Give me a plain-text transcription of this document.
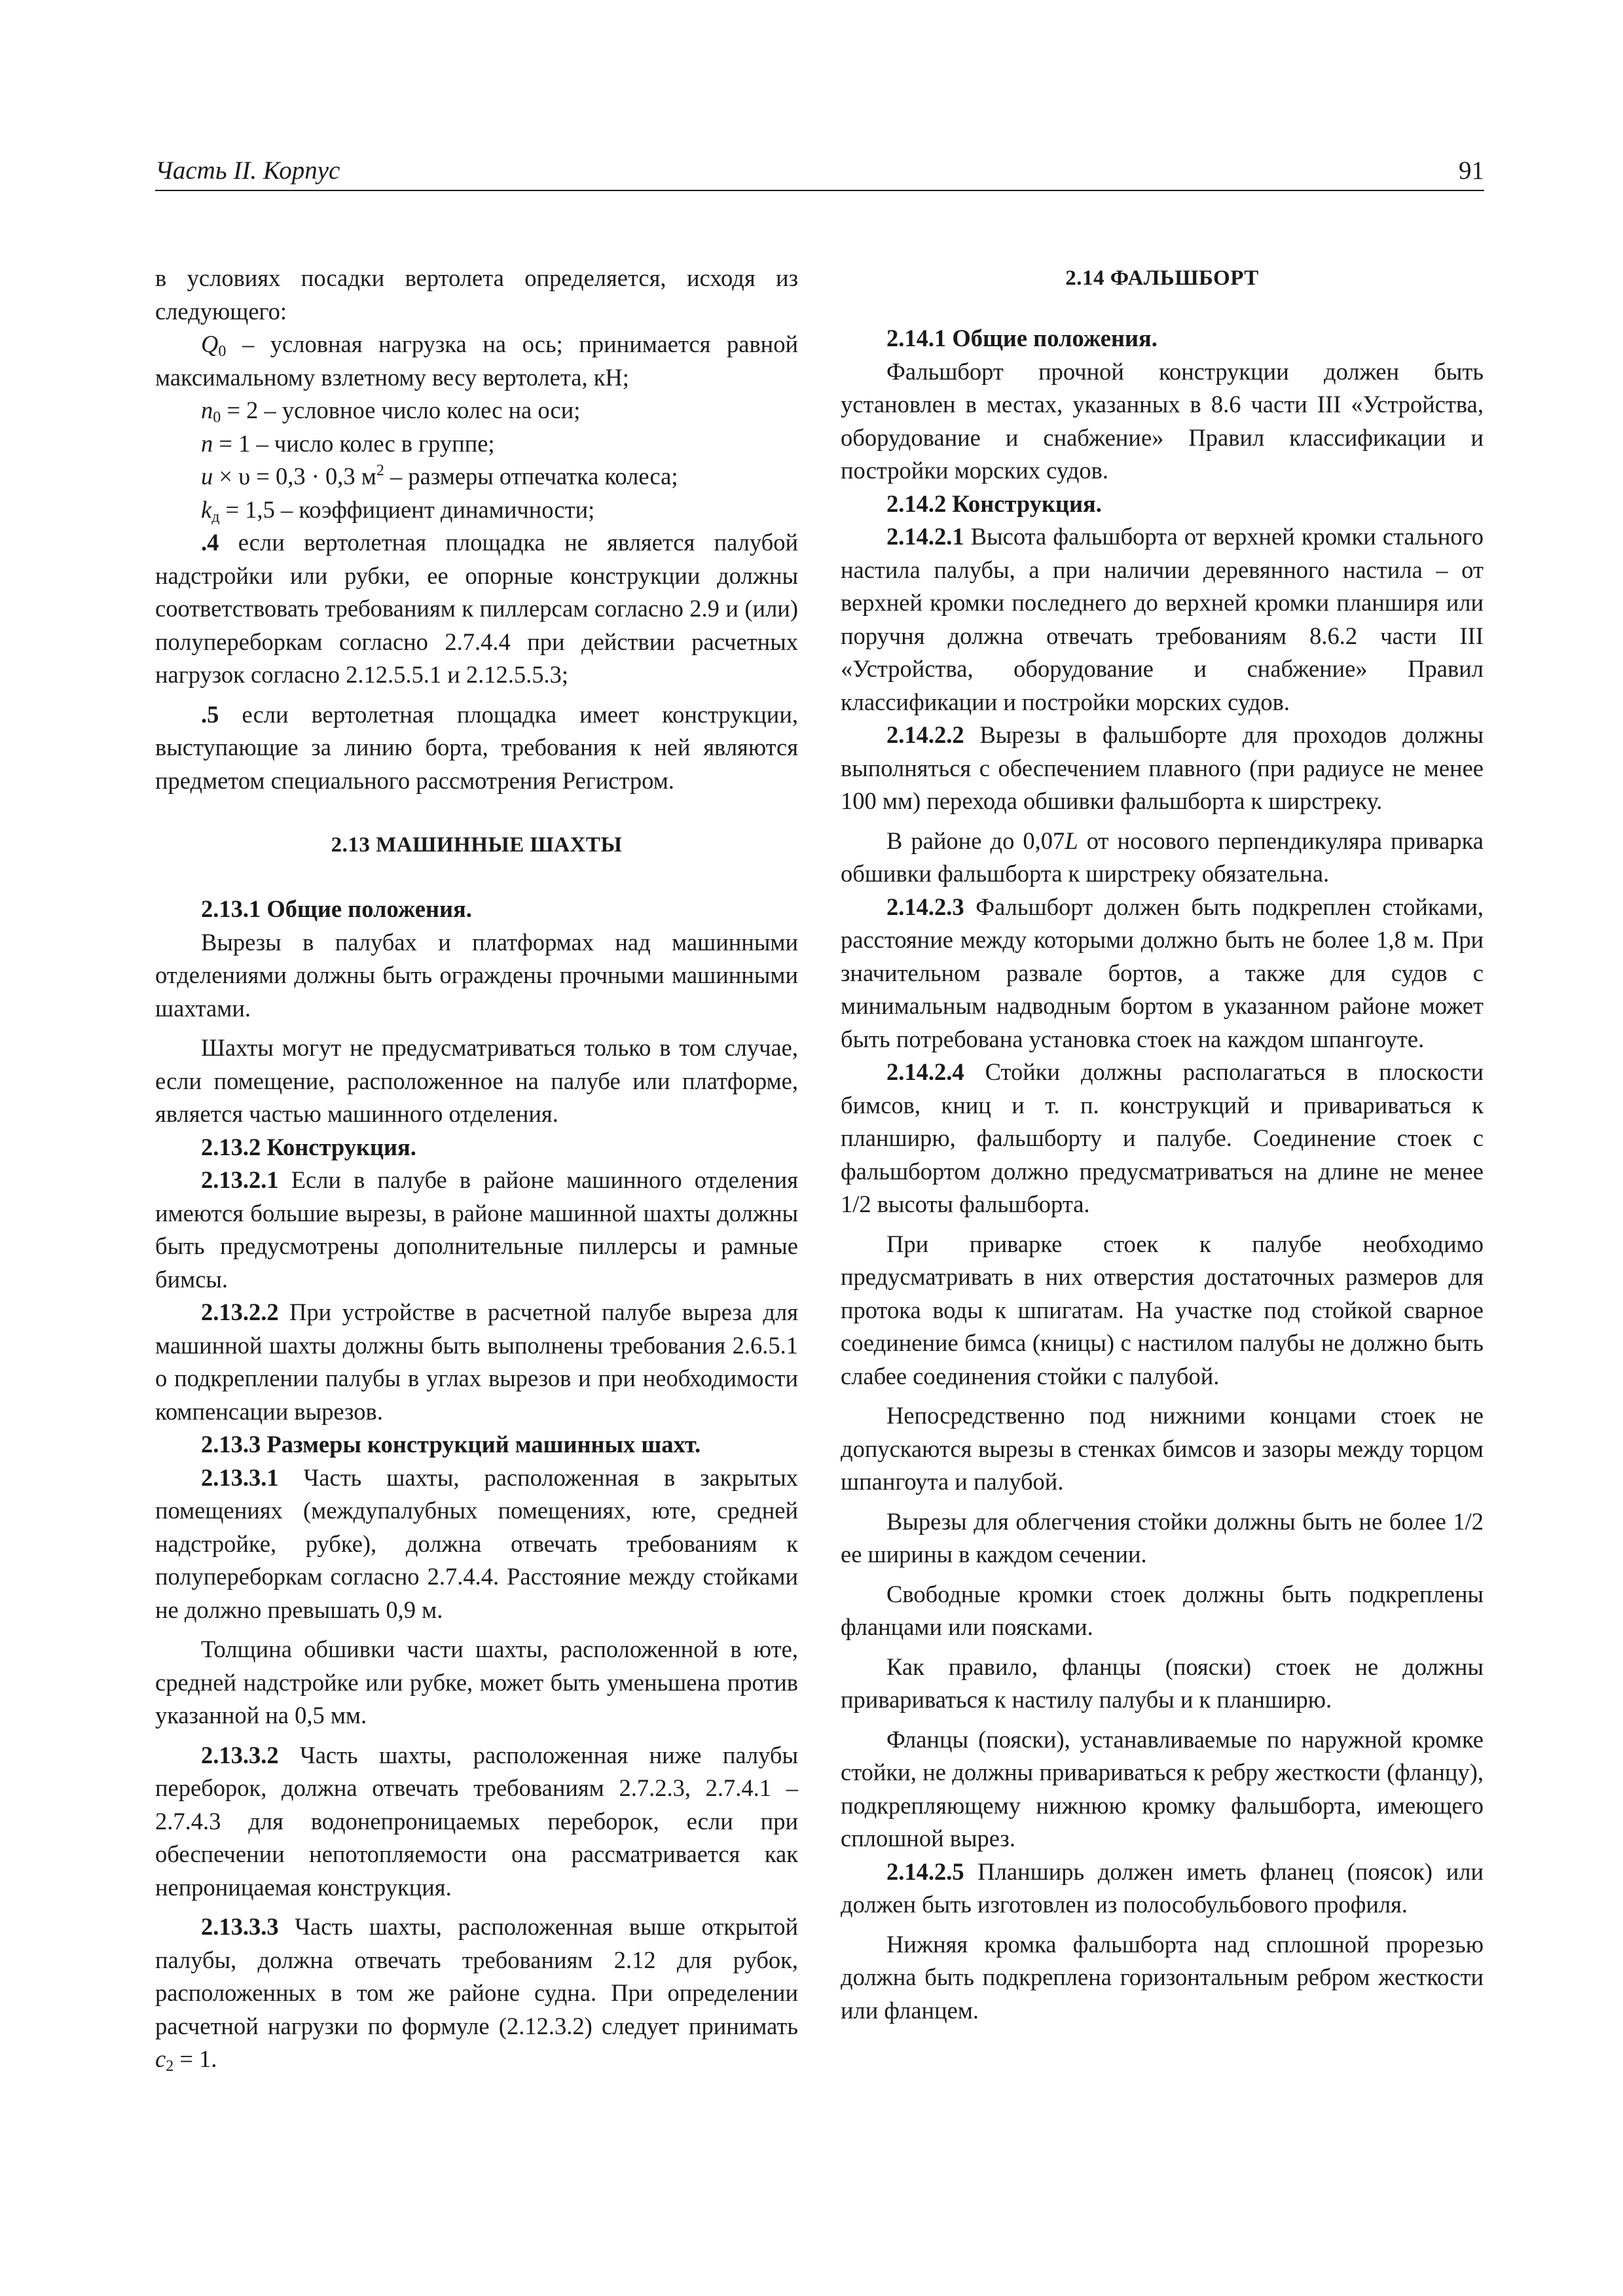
Часть II. Корпус	91

в условиях посадки вертолета определяется, исходя из следующего:

$Q_0$ – условная нагрузка на ось; принимается равной максимальному взлетному весу вертолета, кН;

$n_0 = 2$ – условное число колес на оси;

n = 1 – число колес в группе;

u × υ = 0,3 · 0,3 $м^2$ – размеры отпечатка колеса;

$k_д = 1,5$ – коэффициент динамичности;

.4 если вертолетная площадка не является палубой надстройки или рубки, ее опорные конструкции должны соответствовать требованиям к пиллерсам согласно 2.9 и (или) полупереборкам согласно 2.7.4.4 при действии расчетных нагрузок согласно 2.12.5.5.1 и 2.12.5.5.3;

.5 если вертолетная площадка имеет конструкции, выступающие за линию борта, требования к ней являются предметом специального рассмотрения Регистром.

2.13 МАШИННЫЕ ШАХТЫ

2.13.1 Общие положения.

Вырезы в палубах и платформах над машинными отделениями должны быть ограждены прочными машинными шахтами.

Шахты могут не предусматриваться только в том случае, если помещение, расположенное на палубе или платформе, является частью машинного отделения.

2.13.2 Конструкция.

2.13.2.1 Если в палубе в районе машинного отделения имеются большие вырезы, в районе машинной шахты должны быть предусмотрены дополнительные пиллерсы и рамные бимсы.

2.13.2.2 При устройстве в расчетной палубе выреза для машинной шахты должны быть выполнены требования 2.6.5.1 о подкреплении палубы в углах вырезов и при необходимости компенсации вырезов.

2.13.3 Размеры конструкций машинных шахт.

2.13.3.1 Часть шахты, расположенная в закрытых помещениях (междупалубных помещениях, юте, средней надстройке, рубке), должна отвечать требованиям к полупереборкам согласно 2.7.4.4. Расстояние между стойками не должно превышать 0,9 м.

Толщина обшивки части шахты, расположенной в юте, средней надстройке или рубке, может быть уменьшена против указанной на 0,5 мм.

2.13.3.2 Часть шахты, расположенная ниже палубы переборок, должна отвечать требованиям 2.7.2.3, 2.7.4.1 – 2.7.4.3 для водонепроницаемых переборок, если при обеспечении непотопляемости она рассматривается как непроницаемая конструкция.

2.13.3.3 Часть шахты, расположенная выше открытой палубы, должна отвечать требованиям 2.12 для рубок, расположенных в том же районе судна. При определении расчетной нагрузки по формуле (2.12.3.2) следует принимать $c_2 = 1$.

2.14 ФАЛЬШБОРТ

2.14.1 Общие положения.

Фальшборт прочной конструкции должен быть установлен в местах, указанных в 8.6 части III «Устройства, оборудование и снабжение» Правил классификации и постройки морских судов.

2.14.2 Конструкция.

2.14.2.1 Высота фальшборта от верхней кромки стального настила палубы, а при наличии деревянного настила – от верхней кромки последнего до верхней кромки планширя или поручня должна отвечать требованиям 8.6.2 части III «Устройства, оборудование и снабжение» Правил классификации и постройки морских судов.

2.14.2.2 Вырезы в фальшборте для проходов должны выполняться с обеспечением плавного (при радиусе не менее 100 мм) перехода обшивки фальшборта к ширстреку.

В районе до 0,07L от носового перпендикуляра приварка обшивки фальшборта к ширстреку обязательна.

2.14.2.3 Фальшборт должен быть подкреплен стойками, расстояние между которыми должно быть не более 1,8 м. При значительном развале бортов, а также для судов с минимальным надводным бортом в указанном районе может быть потребована установка стоек на каждом шпангоуте.

2.14.2.4 Стойки должны располагаться в плоскости бимсов, книц и т. п. конструкций и привариваться к планширю, фальшборту и палубе. Соединение стоек с фальшбортом должно предусматриваться на длине не менее 1/2 высоты фальшборта.

При приварке стоек к палубе необходимо предусматривать в них отверстия достаточных размеров для протока воды к шпигатам. На участке под стойкой сварное соединение бимса (кницы) с настилом палубы не должно быть слабее соединения стойки с палубой.

Непосредственно под нижними концами стоек не допускаются вырезы в стенках бимсов и зазоры между торцом шпангоута и палубой.

Вырезы для облегчения стойки должны быть не более 1/2 ее ширины в каждом сечении.

Свободные кромки стоек должны быть подкреплены фланцами или поясками.

Как правило, фланцы (пояски) стоек не должны привариваться к настилу палубы и к планширю.

Фланцы (пояски), устанавливаемые по наружной кромке стойки, не должны привариваться к ребру жесткости (фланцу), подкрепляющему нижнюю кромку фальшборта, имеющего сплошной вырез.

2.14.2.5 Планширь должен иметь фланец (поясок) или должен быть изготовлен из полособульбового профиля.

Нижняя кромка фальшборта над сплошной прорезью должна быть подкреплена горизонтальным ребром жесткости или фланцем.
